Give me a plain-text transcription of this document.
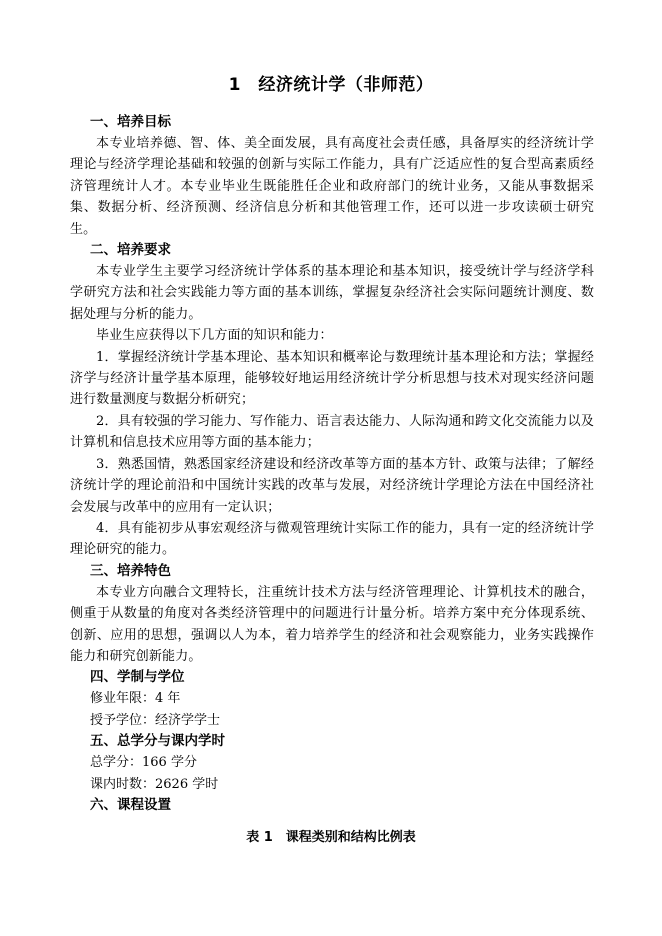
1　经济统计学（非师范）
一、培养目标

本专业培养德、智、体、美全面发展，具有高度社会责任感，具备厚实的经济统计学理论与经济学理论基础和较强的创新与实际工作能力，具有广泛适应性的复合型高素质经济管理统计人才。本专业毕业生既能胜任企业和政府部门的统计业务，又能从事数据采集、数据分析、经济预测、经济信息分析和其他管理工作，还可以进一步攻读硕士研究生。

二、培养要求

本专业学生主要学习经济统计学体系的基本理论和基本知识，接受统计学与经济学科学研究方法和社会实践能力等方面的基本训练，掌握复杂经济社会实际问题统计测度、数据处理与分析的能力。

毕业生应获得以下几方面的知识和能力：

1．掌握经济统计学基本理论、基本知识和概率论与数理统计基本理论和方法；掌握经济学与经济计量学基本原理，能够较好地运用经济统计学分析思想与技术对现实经济问题进行数量测度与数据分析研究；

2．具有较强的学习能力、写作能力、语言表达能力、人际沟通和跨文化交流能力以及计算机和信息技术应用等方面的基本能力；

3．熟悉国情，熟悉国家经济建设和经济改革等方面的基本方针、政策与法律；了解经济统计学的理论前沿和中国统计实践的改革与发展，对经济统计学理论方法在中国经济社会发展与改革中的应用有一定认识；

4．具有能初步从事宏观经济与微观管理统计实际工作的能力，具有一定的经济统计学理论研究的能力。

三、培养特色

本专业方向融合文理特长，注重统计技术方法与经济管理理论、计算机技术的融合，侧重于从数量的角度对各类经济管理中的问题进行计量分析。培养方案中充分体现系统、创新、应用的思想，强调以人为本，着力培养学生的经济和社会观察能力，业务实践操作能力和研究创新能力。

四、学制与学位

修业年限：4 年

授予学位：经济学学士

五、总学分与课内学时

总学分：166 学分

课内时数：2626 学时

六、课程设置
表 1　课程类别和结构比例表
